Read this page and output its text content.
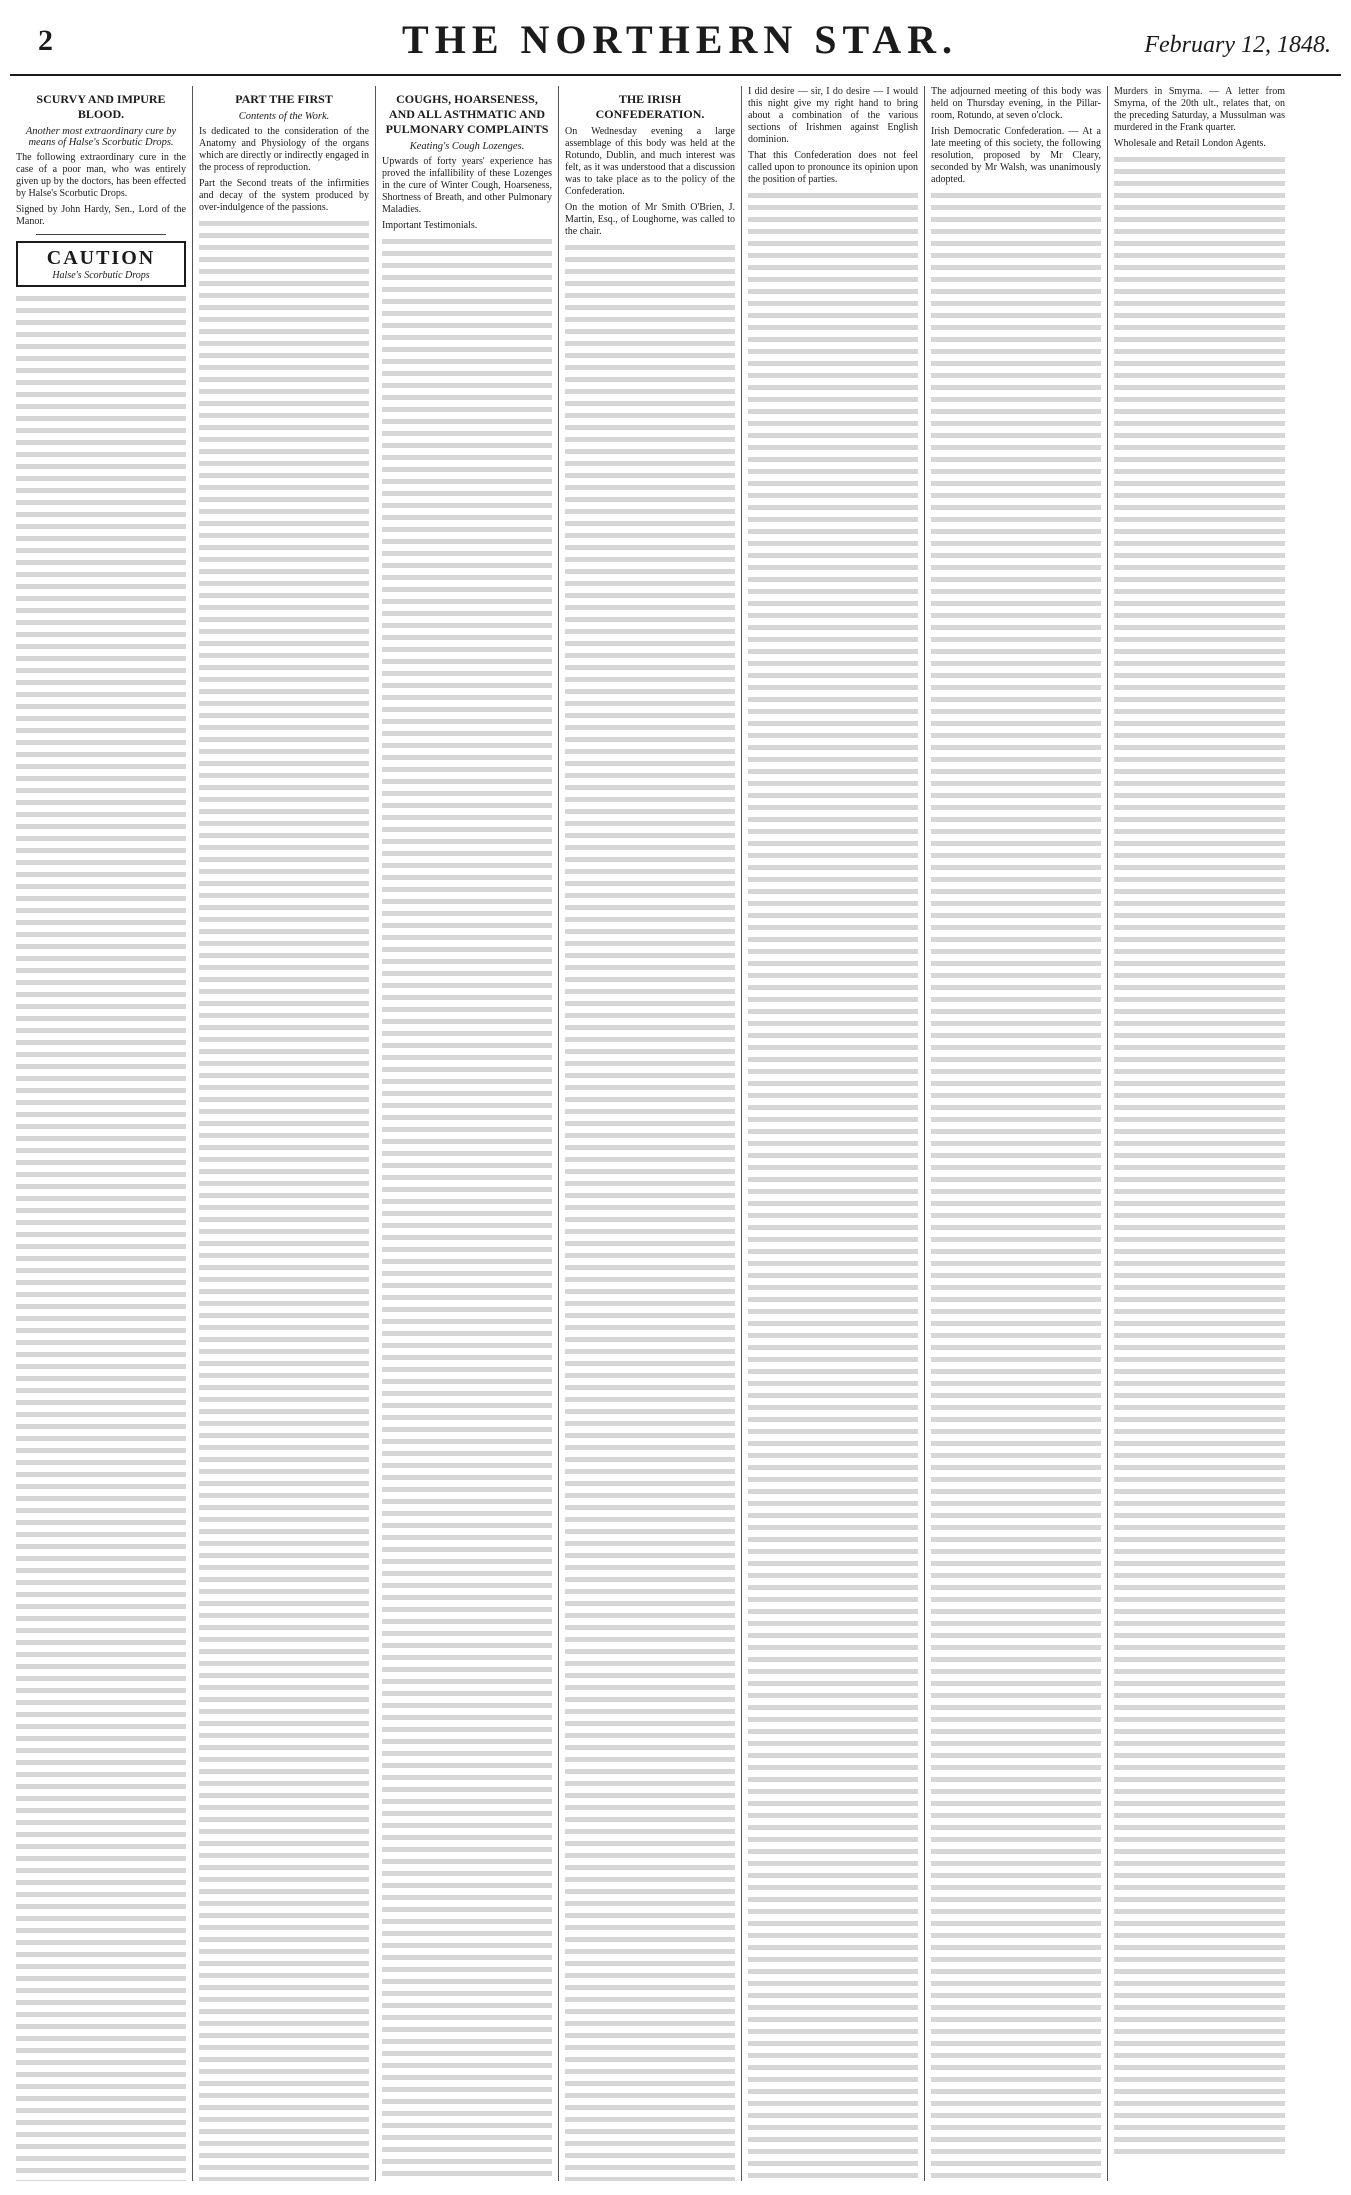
2	THE NORTHERN STAR.	February 12, 1848.
SCURVY AND IMPURE BLOOD.
Another most extraordinary cure by means of Halse's Scorbutic Drops.

The following extraordinary cure in the case of a poor man, who was entirely given up by the doctors, has been effected by Halse's Scorbutic Drops.

Signed by John Hardy, Sen., Lord of the Manor.

CAUTION
Halse's Scorbutic Drops
PART THE FIRST
Contents of the Work.

Is dedicated to the consideration of the Anatomy and Physiology of the organs which are directly or indirectly engaged in the process of reproduction.

Part the Second treats of the infirmities and decay of the system produced by over-indulgence of the passions.

COUGHS, HOARSENESS, AND ALL ASTHMATIC AND PULMONARY COMPLAINTS
Keating's Cough Lozenges.

Upwards of forty years' experience has proved the infallibility of these Lozenges in the cure of Winter Cough, Hoarseness, Shortness of Breath, and other Pulmonary Maladies.

Important Testimonials.

THE IRISH CONFEDERATION.

On Wednesday evening a large assemblage of this body was held at the Rotundo, Dublin, and much interest was felt, as it was understood that a discussion was to take place as to the policy of the Confederation.

On the motion of Mr Smith O'Brien, J. Martin, Esq., of Loughorne, was called to the chair.

I did desire — sir, I do desire — I would this night give my right hand to bring about a combination of the various sections of Irishmen against English dominion.

That this Confederation does not feel called upon to pronounce its opinion upon the position of parties.

The adjourned meeting of this body was held on Thursday evening, in the Pillar-room, Rotundo, at seven o'clock.

Irish Democratic Confederation. — At a late meeting of this society, the following resolution, proposed by Mr Cleary, seconded by Mr Walsh, was unanimously adopted.

Murders in Smyrna. — A letter from Smyrna, of the 20th ult., relates that, on the preceding Saturday, a Mussulman was murdered in the Frank quarter.

Wholesale and Retail London Agents.
